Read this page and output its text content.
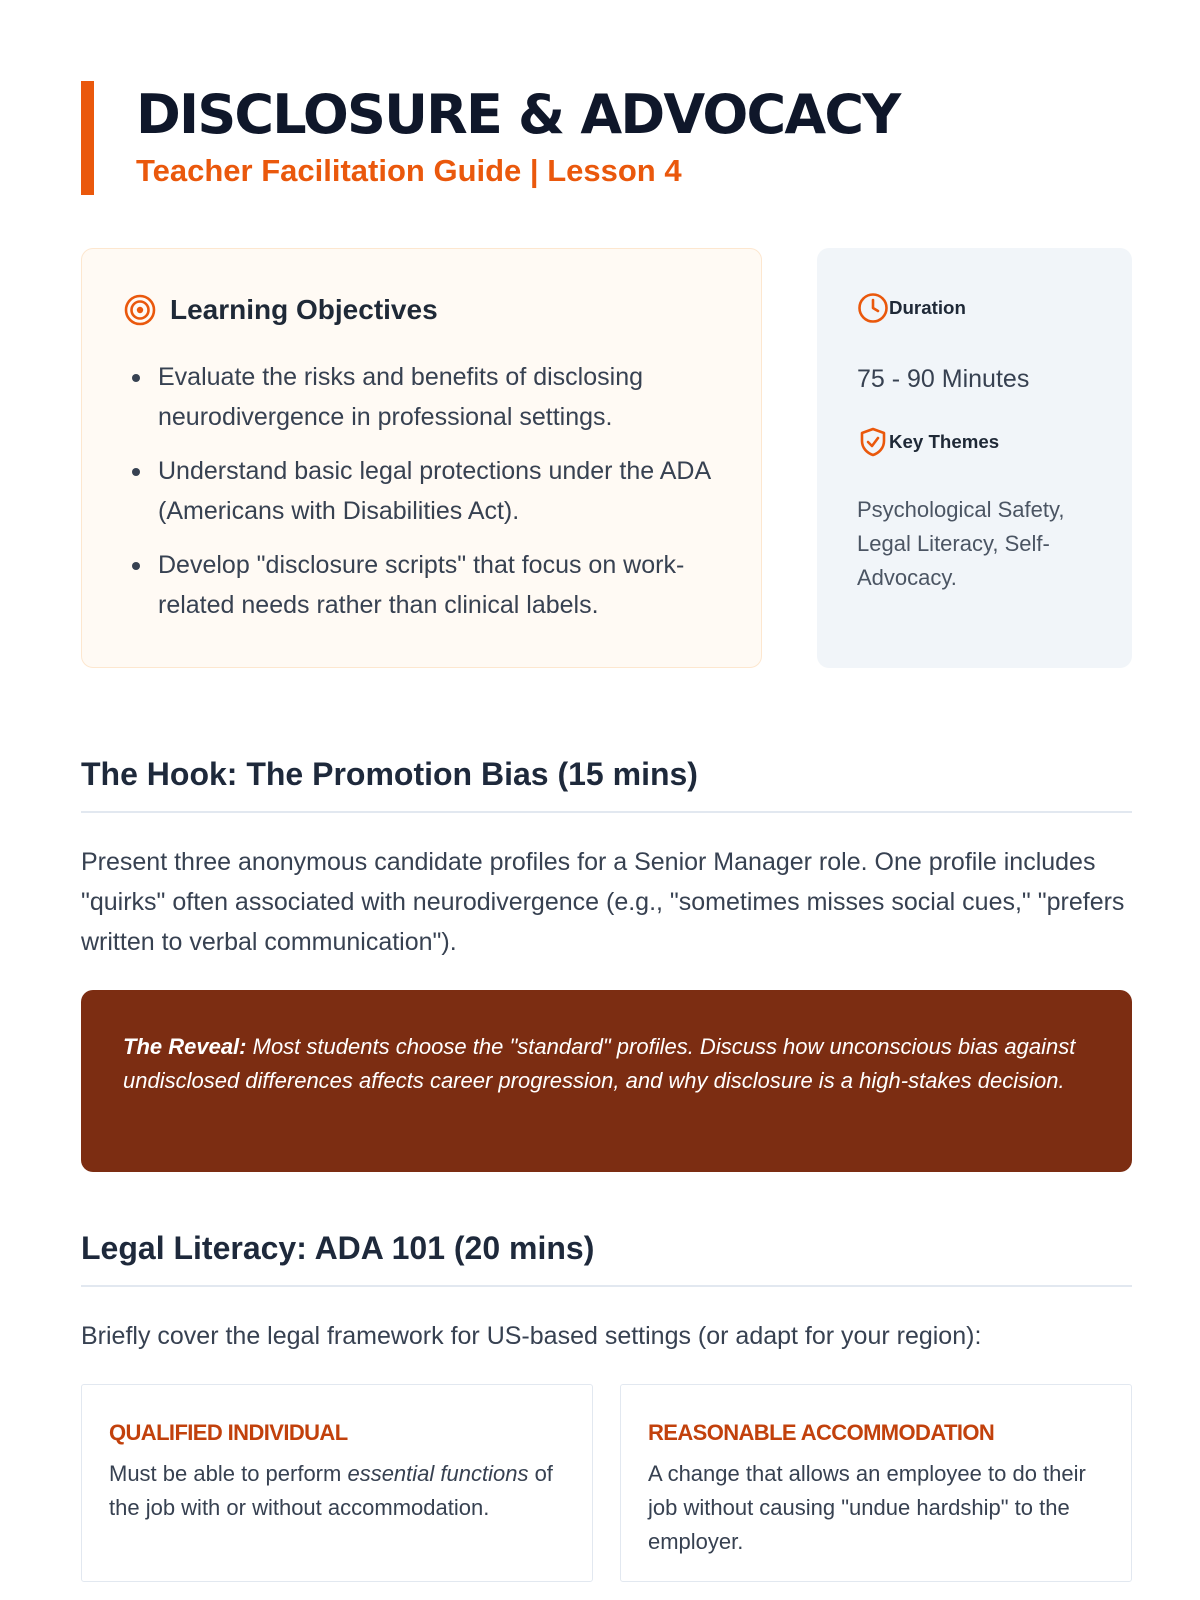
DISCLOSURE & ADVOCACY
Teacher Facilitation Guide | Lesson 4
Learning Objectives
Evaluate the risks and benefits of disclosing neurodivergence in professional settings.
Understand basic legal protections under the ADA (Americans with Disabilities Act).
Develop "disclosure scripts" that focus on work-related needs rather than clinical labels.
Duration
75 - 90 Minutes
Key Themes
Psychological Safety, Legal Literacy, Self-Advocacy.
The Hook: The Promotion Bias (15 mins)

Present three anonymous candidate profiles for a Senior Manager role. One profile includes "quirks" often associated with neurodivergence (e.g., "sometimes misses social cues," "prefers written to verbal communication").

The Reveal: Most students choose the "standard" profiles. Discuss how unconscious bias against undisclosed differences affects career progression, and why disclosure is a high-stakes decision.

Legal Literacy: ADA 101 (20 mins)

Briefly cover the legal framework for US-based settings (or adapt for your region):

QUALIFIED INDIVIDUAL
Must be able to perform essential functions of the job with or without accommodation.
REASONABLE ACCOMMODATION
A change that allows an employee to do their job without causing "undue hardship" to the employer.
